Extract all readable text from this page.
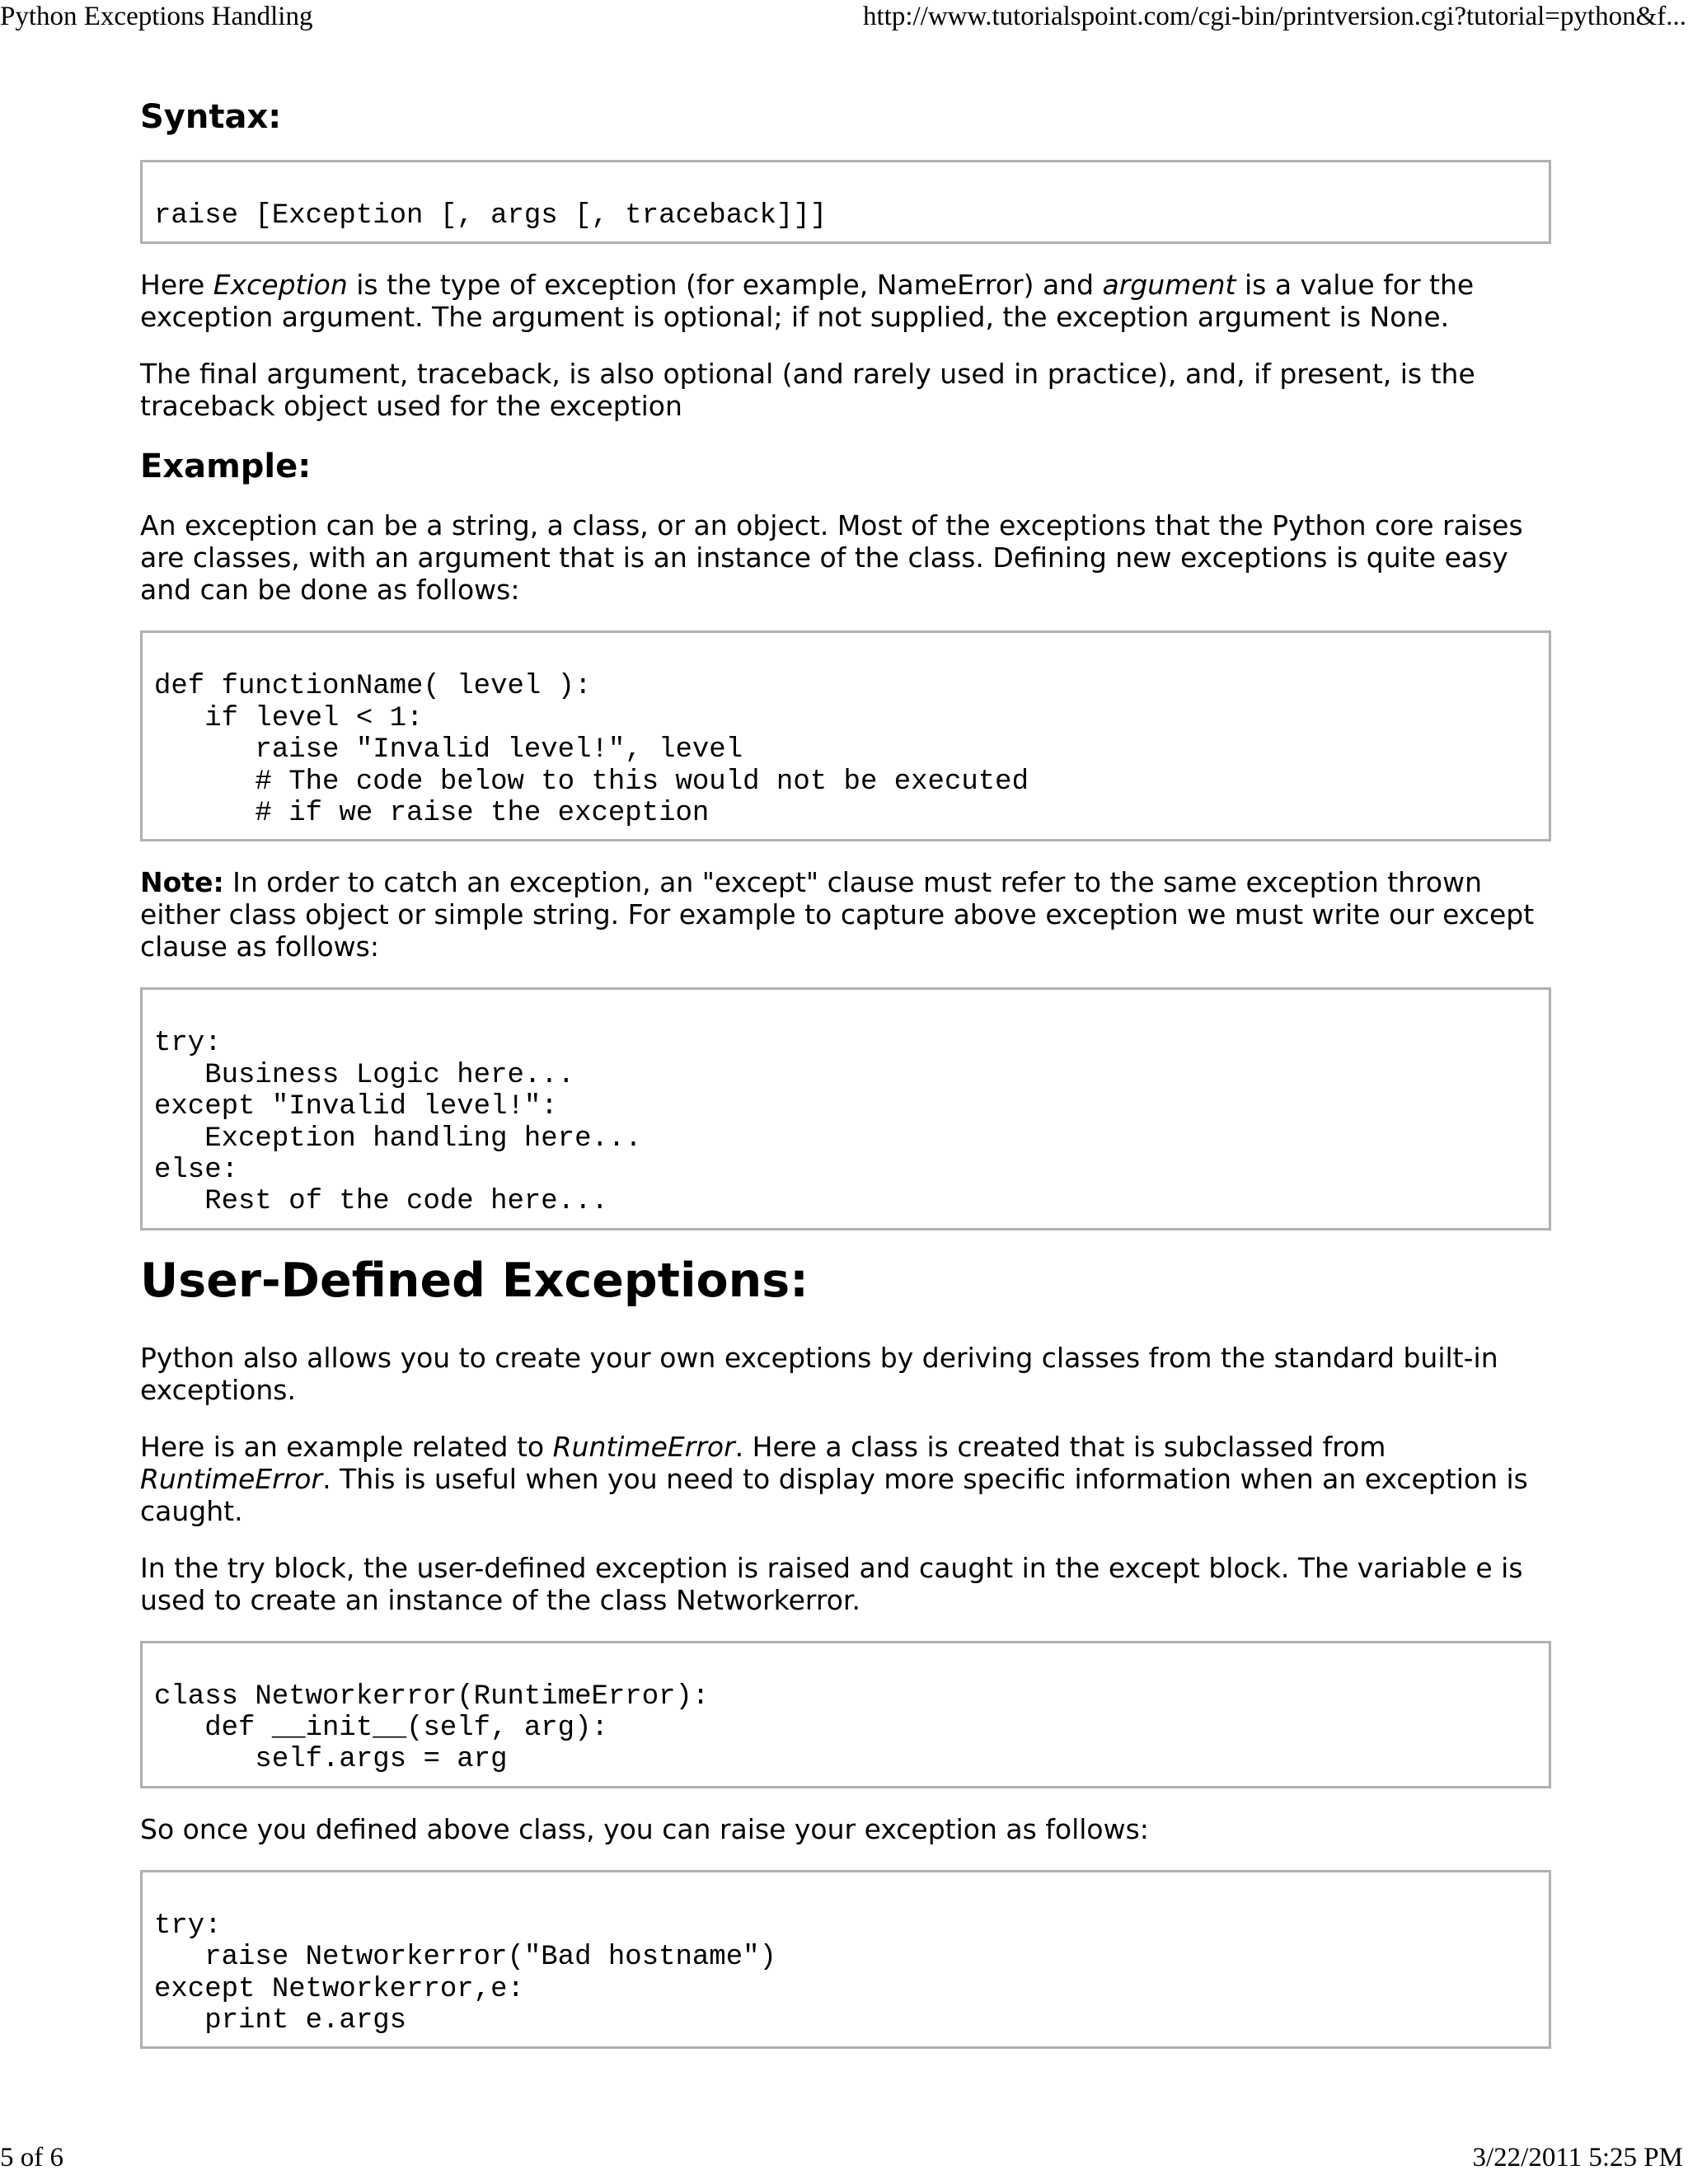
Python Exceptions Handling	http://www.tutorialspoint.com/cgi-bin/printversion.cgi?tutorial=python&f...
Syntax:
raise [Exception [, args [, traceback]]]

Here Exception is the type of exception (for example, NameError) and argument is a value for the exception argument. The argument is optional; if not supplied, the exception argument is None.

The final argument, traceback, is also optional (and rarely used in practice), and, if present, is the traceback object used for the exception

Example:

An exception can be a string, a class, or an object. Most of the exceptions that the Python core raises are classes, with an argument that is an instance of the class. Defining new exceptions is quite easy and can be done as follows:

def functionName( level ):
if level < 1:
raise "Invalid level!", level
# The code below to this would not be executed
# if we raise the exception

Note: In order to catch an exception, an "except" clause must refer to the same exception thrown either class object or simple string. For example to capture above exception we must write our except clause as follows:

try:
Business Logic here...
except "Invalid level!":
Exception handling here...
else:
Rest of the code here...
User-Defined Exceptions:

Python also allows you to create your own exceptions by deriving classes from the standard built-in exceptions.

Here is an example related to RuntimeError. Here a class is created that is subclassed from RuntimeError. This is useful when you need to display more specific information when an exception is caught.

In the try block, the user-defined exception is raised and caught in the except block. The variable e is used to create an instance of the class Networkerror.

class Networkerror(RuntimeError):
def __init__(self, arg):
self.args = arg

So once you defined above class, you can raise your exception as follows:

try:
raise Networkerror("Bad hostname")
except Networkerror,e:
print e.args
5 of 6	3/22/2011 5:25 PM
